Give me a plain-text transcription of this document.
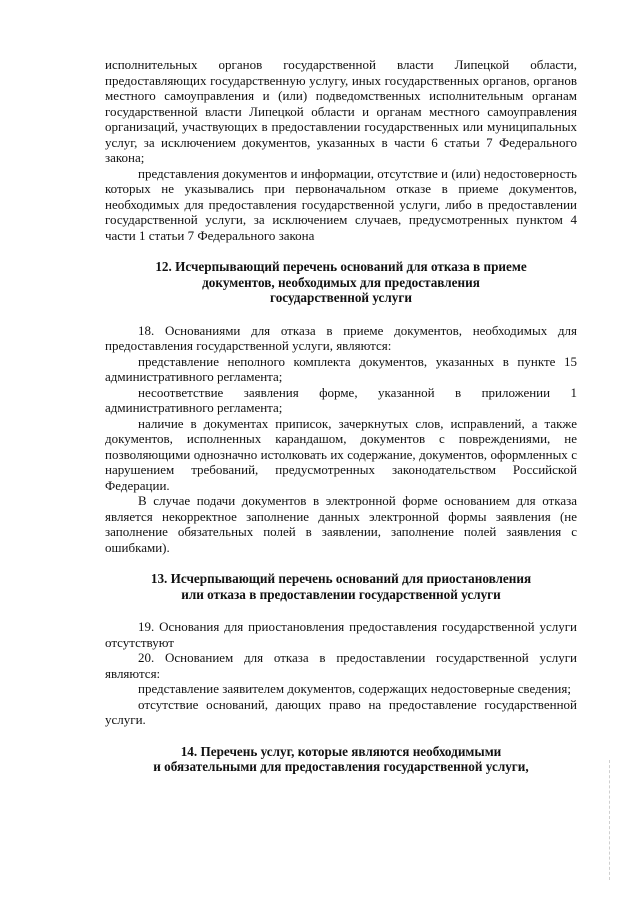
исполнительных органов государственной власти Липецкой области, предоставляющих государственную услугу, иных государственных органов, органов местного самоуправления и (или) подведомственных исполнительным органам государственной власти Липецкой области и органам местного самоуправления организаций, участвующих в предоставлении государственных или муниципальных услуг, за исключением документов, указанных в части 6 статьи 7 Федерального закона;

представления документов и информации, отсутствие и (или) недостоверность которых не указывались при первоначальном отказе в приеме документов, необходимых для предоставления государственной услуги, либо в предоставлении государственной услуги, за исключением случаев, предусмотренных пунктом 4 части 1 статьи 7 Федерального закона

12. Исчерпывающий перечень оснований для отказа в приеме
документов, необходимых для предоставления
государственной услуги

18. Основаниями для отказа в приеме документов, необходимых для предоставления государственной услуги, являются:

представление неполного комплекта документов, указанных в пункте 15 административного регламента;

несоответствие заявления форме, указанной в приложении 1 административного регламента;

наличие в документах приписок, зачеркнутых слов, исправлений, а также документов, исполненных карандашом, документов с повреждениями, не позволяющими однозначно истолковать их содержание, документов, оформленных с нарушением требований, предусмотренных законодательством Российской Федерации.

В случае подачи документов в электронной форме основанием для отказа является некорректное заполнение данных электронной формы заявления (не заполнение обязательных полей в заявлении, заполнение полей заявления с ошибками).

13. Исчерпывающий перечень оснований для приостановления
или отказа в предоставлении государственной услуги

19. Основания для приостановления предоставления государственной услуги отсутствуют

20. Основанием для отказа в предоставлении государственной услуги являются:

представление заявителем документов, содержащих недостоверные сведения;

отсутствие оснований, дающих право на предоставление государственной услуги.

14. Перечень услуг, которые являются необходимыми
и обязательными для предоставления государственной услуги,
